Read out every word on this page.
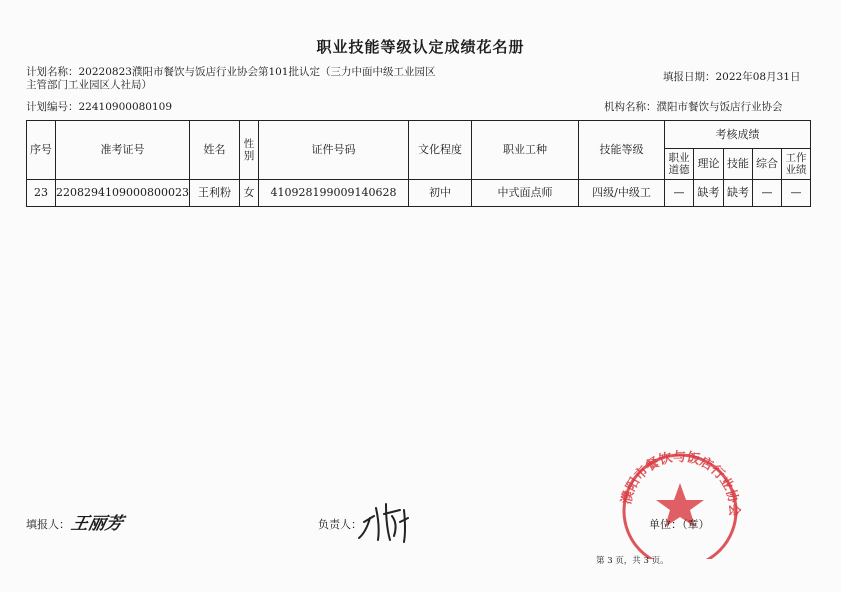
职业技能等级认定成绩花名册
计划名称：20220823濮阳市餐饮与饭店行业协会第101批认定（三力中面中级工业园区
主管部门工业园区人社局）
填报日期：2022年08月31日
计划编号：22410900080109	机构名称：濮阳市餐饮与饭店行业协会
序号	准考证号	姓名	性别	证件号码	文化程度	职业工种	技能等级	考核成绩				
								职业道德	理论	技能	综合	工作业绩
23	2208294109000800023	王利粉	女	410928199009140628	初中	中式面点师	四级/中级工	—	缺考	缺考	—	—
填报人： 王丽芳	负责人：
濮阳市餐饮与饭店行业协会
单位：（章）
第 3 页，共 3 页。
